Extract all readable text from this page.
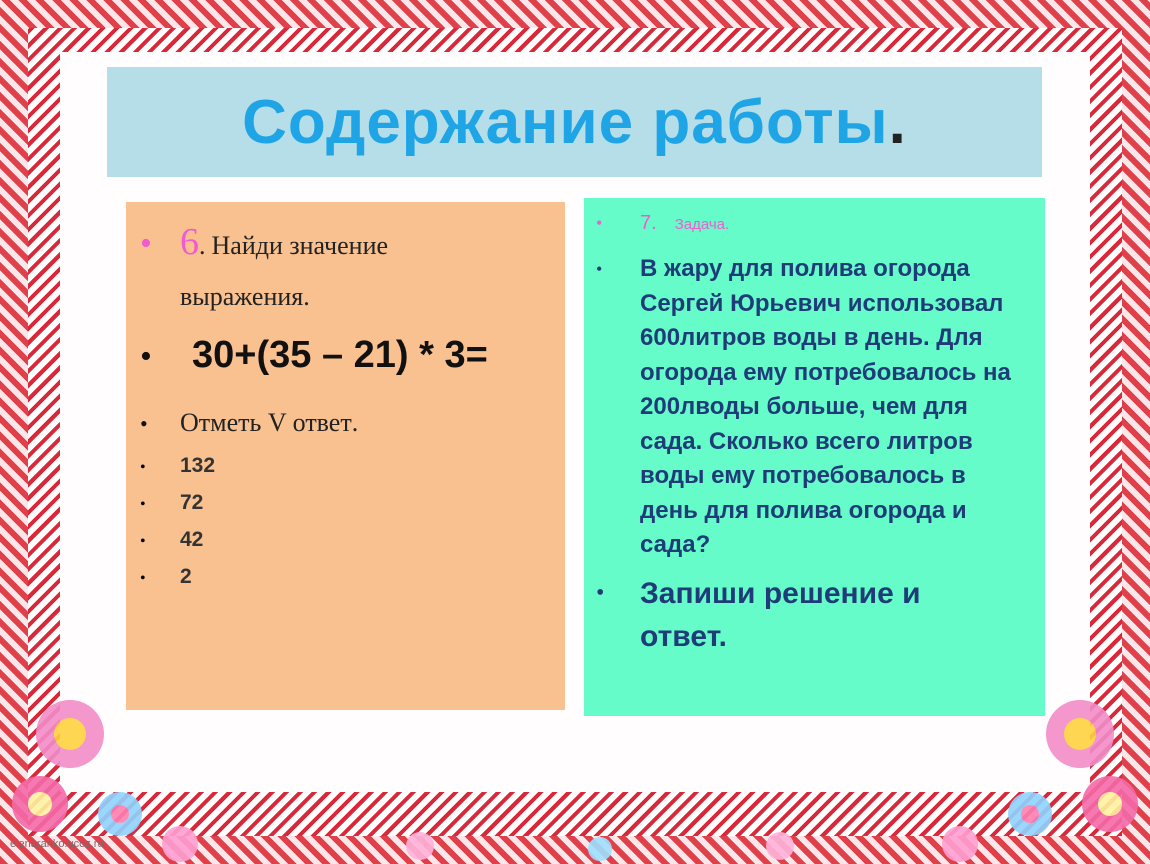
Содержание работы.
• 6 . Найди значение
выражения .
•	30+(35 – 21) * 3=
•	Отметь V ответ .
•	132
•	72
•	42
•	2
•	7. Задача.
•	В жару для полива огорода
Сергей Юрьевич использовал
600литров воды в день. Для
огорода ему потребовалось на
200лводы больше, чем для
сада. Сколько всего литров
воды ему потребовалось в
день для полива огорода и
сада?
•	Запиши решение и
ответ.
elenaranko.ucoz.ru
